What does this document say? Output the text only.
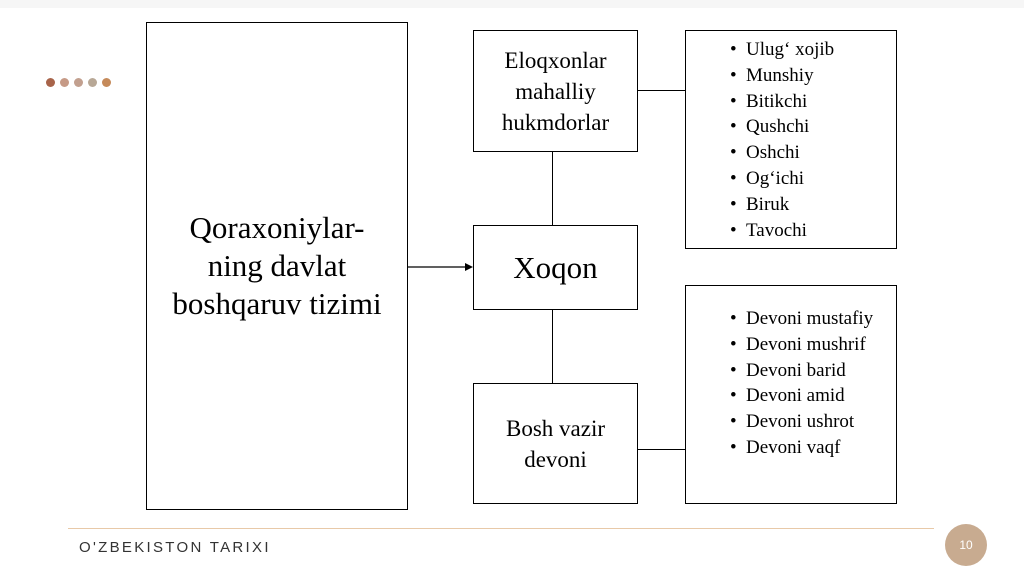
Qoraxoniylar-ning davlat boshqaruv tizimi
Eloqxonlar mahalliy hukmdorlar
Xoqon
Bosh vazir devoni
• Ulug‘ xojib
• Munshiy
• Bitikchi
• Qushchi
• Oshchi
• Og‘ichi
• Biruk
• Tavochi
• Devoni mustafiy
• Devoni mushrif
• Devoni barid
• Devoni amid
• Devoni ushrot
• Devoni vaqf
O'ZBEKISTON TARIXI	10
